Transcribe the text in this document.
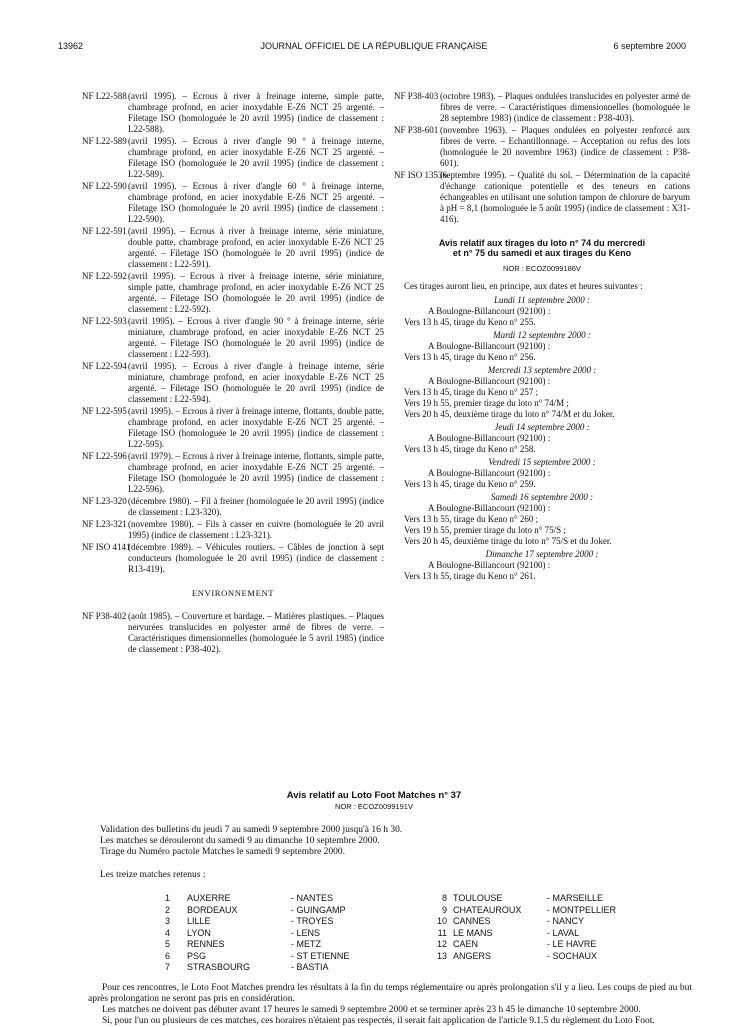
13962	JOURNAL OFFICIEL DE LA RÉPUBLIQUE FRANÇAISE	6 septembre 2000
NF L22-588 (avril 1995). – Ecrous à river à freinage interne, simple patte, chambrage profond, en acier inoxydable E-Z6 NCT 25 argenté. – Filetage ISO (homologuée le 20 avril 1995) (indice de classement : L22-588).
NF L22-589 (avril 1995). – Ecrous à river d'angle 90 ° à freinage interne, chambrage profond, en acier inoxydable E-Z6 NCT 25 argenté. – Filetage ISO (homologuée le 20 avril 1995) (indice de classement : L22-589).
NF L22-590 (avril 1995). – Ecrous à river d'angle 60 ° à freinage interne, chambrage profond, en acier inoxydable E-Z6 NCT 25 argenté. – Filetage ISO (homologuée le 20 avril 1995) (indice de classement : L22-590).
NF L22-591 (avril 1995). – Ecrous à river à freinage interne, série miniature, double patte, chambrage profond, en acier inoxydable E-Z6 NCT 25 argenté. – Filetage ISO (homologuée le 20 avril 1995) (indice de classement : L22-591).
NF L22-592 (avril 1995). – Ecrous à river à freinage interne, série miniature, simple patte, chambrage profond, en acier inoxydable E-Z6 NCT 25 argenté. – Filetage ISO (homologuée le 20 avril 1995) (indice de classement : L22-592).
NF L22-593 (avril 1995). – Ecrous à river d'angle 90 ° à freinage interne, série miniature, chambrage profond, en acier inoxydable E-Z6 NCT 25 argenté. – Filetage ISO (homologuée le 20 avril 1995) (indice de classement : L22-593).
NF L22-594 (avril 1995). – Ecrous à river d'angle à freinage interne, série miniature, chambrage profond, en acier inoxydable E-Z6 NCT 25 argenté. – Filetage ISO (homologuée le 20 avril 1995) (indice de classement : L22-594).
NF L22-595 (avril 1995). – Ecrous à river à freinage interne, flottants, double patte, chambrage profond, en acier inoxydable E-Z6 NCT 25 argenté. – Filetage ISO (homologuée le 20 avril 1995) (indice de classement : L22-595).
NF L22-596 (avril 1979). – Ecrous à river à freinage interne, flottants, simple patte, chambrage profond, en acier inoxydable E-Z6 NCT 25 argenté. – Filetage ISO (homologuée le 20 avril 1995) (indice de classement : L22-596).
NF L23-320 (décembre 1980). – Fil à freiner (homologuée le 20 avril 1995) (indice de classement : L23-320).
NF L23-321 (novembre 1980). – Fils à casser en cuivre (homologuée le 20 avril 1995) (indice de classement : L23-321).
NF ISO 4141
(décembre 1989). – Véhicules routiers. – Câbles de jonction à sept conducteurs (homologuée le 20 avril 1995) (indice de classement : R13-419).
ENVIRONNEMENT
NF P38-402 (août 1985). – Couverture et bardage. – Matières plastiques. – Plaques nervurées translucides en polyester armé de fibres de verre. – Caractéristiques dimensionnelles (homologuée le 5 avril 1985) (indice de classement : P38-402).
NF P38-403 (octobre 1983). – Plaques ondulées translucides en polyester armé de fibres de verre. – Caractéristiques dimensionnelles (homologuée le 28 septembre 1983) (indice de classement : P38-403).
NF P38-601 (novembre 1963). – Plaques ondulées en polyester renforcé aux fibres de verre. – Echantillonnage. – Acceptation ou refus des lots (homologuée le 20 novembre 1963) (indice de classement : P38-601).
NF ISO 13536
(septembre 1995). – Qualité du sol. – Détermination de la capacité d'échange cationique potentielle et des teneurs en cations échangeables en utilisant une solution tampon de chlorure de baryum à pH = 8,1 (homologuée le 5 août 1995) (indice de classement : X31-416).
Avis relatif aux tirages du loto n° 74 du mercredi
et n° 75 du samedi et aux tirages du Keno
NOR : ECOZ0099186V
Ces tirages auront lieu, en principe, aux dates et heures suivantes :
Lundi 11 septembre 2000 :
A Boulogne-Billancourt (92100) :
Vers 13 h 45, tirage du Keno n° 255.
Mardi 12 septembre 2000 :
A Boulogne-Billancourt (92100) :
Vers 13 h 45, tirage du Keno n° 256.
Mercredi 13 septembre 2000 :
A Boulogne-Billancourt (92100) :
Vers 13 h 45, tirage du Keno n° 257 ;
Vers 19 h 55, premier tirage du loto n° 74/M ;
Vers 20 h 45, deuxième tirage du loto n° 74/M et du Joker.
Jeudi 14 septembre 2000 :
A Boulogne-Billancourt (92100) :
Vers 13 h 45, tirage du Keno n° 258.
Vendredi 15 septembre 2000 :
A Boulogne-Billancourt (92100) :
Vers 13 h 45, tirage du Keno n° 259.
Samedi 16 septembre 2000 :
A Boulogne-Billancourt (92100) :
Vers 13 h 55, tirage du Keno n° 260 ;
Vers 19 h 55, premier tirage du loto n° 75/S ;
Vers 20 h 45, deuxième tirage du loto n° 75/S et du Joker.
Dimanche 17 septembre 2000 :
A Boulogne-Billancourt (92100) :
Vers 13 h 55, tirage du Keno n° 261.
Avis relatif au Loto Foot Matches n° 37
NOR : ECOZ0099191V
Validation des bulletins du jeudi 7 au samedi 9 septembre 2000 jusqu'à 16 h 30.
Les matches se dérouleront du samedi 9 au dimanche 10 septembre 2000.
Tirage du Numéro pactole Matches le samedi 9 septembre 2000.
Les treize matches retenus :
1	AUXERRE	- NANTES	8	TOULOUSE	- MARSEILLE
2	BORDEAUX	- GUINGAMP	9	CHATEAUROUX	- MONTPELLIER
3	LILLE	- TROYES	10	CANNES	- NANCY
4	LYON	- LENS	11	LE MANS	- LAVAL
5	RENNES	- METZ	12	CAEN	- LE HAVRE
6	PSG	- ST ETIENNE	13	ANGERS	- SOCHAUX
7	STRASBOURG	- BASTIA			
Pour ces rencontres, le Loto Foot Matches prendra les résultats à la fin du temps réglementaire ou après prolongation s'il y a lieu. Les coups de pied au but après prolongation ne seront pas pris en considération.
Les matches ne doivent pas débuter avant 17 heures le samedi 9 septembre 2000 et se terminer après 23 h 45 le dimanche 10 septembre 2000.
Si, pour l'un ou plusieurs de ces matches, ces horaires n'étaient pas respectés, il serait fait application de l'article 9.1.5 du règlement du Loto Foot.
